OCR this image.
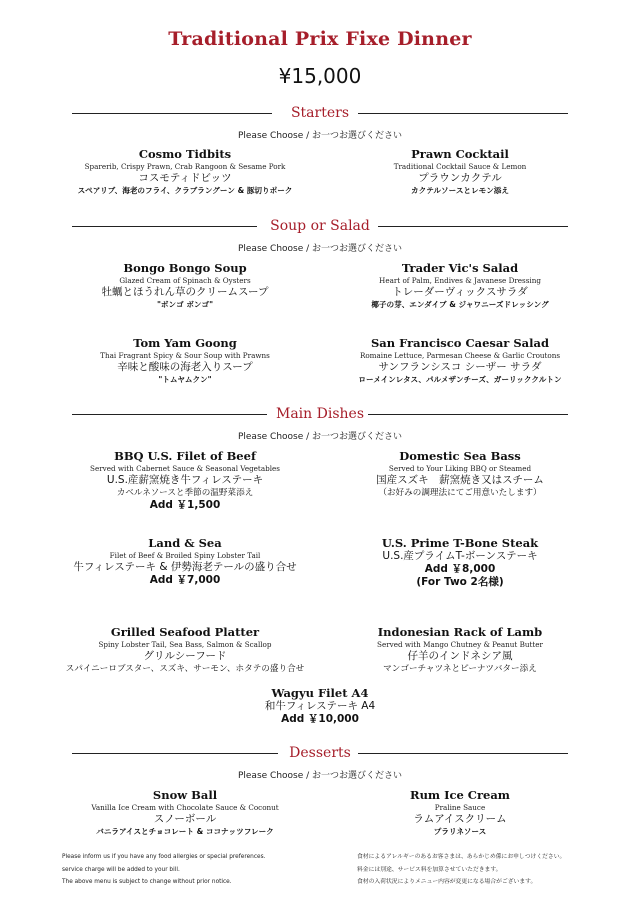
Traditional Prix Fixe Dinner
¥15,000
Starters
Please Choose / お一つお選びください
Cosmo Tidbits
Sparerib, Crispy Prawn, Crab Rangoon & Sesame Pork
コスモティドビッツ
スペアリブ、海老のフライ、クラブラングーン & 豚切りポーク
Prawn Cocktail
Traditional Cocktail Sauce & Lemon
プラウンカクテル
カクテルソースとレモン添え
Soup or Salad
Please Choose / お一つお選びください
Bongo Bongo Soup
Glazed Cream of Spinach & Oysters
牡蠣とほうれん草のクリームスープ
"ボンゴ ボンゴ"
Trader Vic's Salad
Heart of Palm, Endives & Javanese Dressing
トレーダーヴィックスサラダ
椰子の芽、エンダイブ & ジャワニーズドレッシング
Tom Yam Goong
Thai Fragrant Spicy & Sour Soup with Prawns
辛味と酸味の海老入りスープ
"トムヤムクン"
San Francisco Caesar Salad
Romaine Lettuce, Parmesan Cheese & Garlic Croutons
サンフランシスコ シーザー サラダ
ローメインレタス、パルメザンチーズ、ガーリッククルトン
Main Dishes
Please Choose / お一つお選びください
BBQ U.S. Filet of Beef
Served with Cabernet Sauce & Seasonal Vegetables
U.S.産薪窯焼き牛フィレステーキ
カベルネソースと季節の温野菜添え
Add ￥1,500
Domestic Sea Bass
Served to Your Liking BBQ or Steamed
国産スズキ　薪窯焼き又はスチーム
（お好みの調理法にてご用意いたします）
Land & Sea
Filet of Beef & Broiled Spiny Lobster Tail
牛フィレステーキ & 伊勢海老テールの盛り合せ
Add ￥7,000
U.S. Prime T-Bone Steak
U.S.産プライムT-ボーンステーキ
Add ￥8,000
(For Two 2名様)
Grilled Seafood Platter
Spiny Lobster Tail, Sea Bass, Salmon & Scallop
グリルシーフード
スパイニーロブスター、スズキ、サーモン、ホタテの盛り合せ
Indonesian Rack of Lamb
Served with Mango Chutney & Peanut Butter
仔羊のインドネシア風
マンゴーチャツネとピーナツバター添え
Wagyu Filet A4
和牛フィレステーキ A4
Add ￥10,000
Desserts
Please Choose / お一つお選びください
Snow Ball
Vanilla Ice Cream with Chocolate Sauce & Coconut
スノーボール
バニラアイスとチョコレート & ココナッツフレーク
Rum Ice Cream
Praline Sauce
ラムアイスクリーム
プラリネソース
Please inform us if you have any food allergies or special preferences.
service charge will be added to your bill.
The above menu is subject to change without prior notice.
食材によるアレルギーのあるお客さまは、あらかじめ係にお申しつけください。
料金には別途、サービス料を加算させていただきます。
食材の入荷状況によりメニュー内容が変更になる場合がございます。
